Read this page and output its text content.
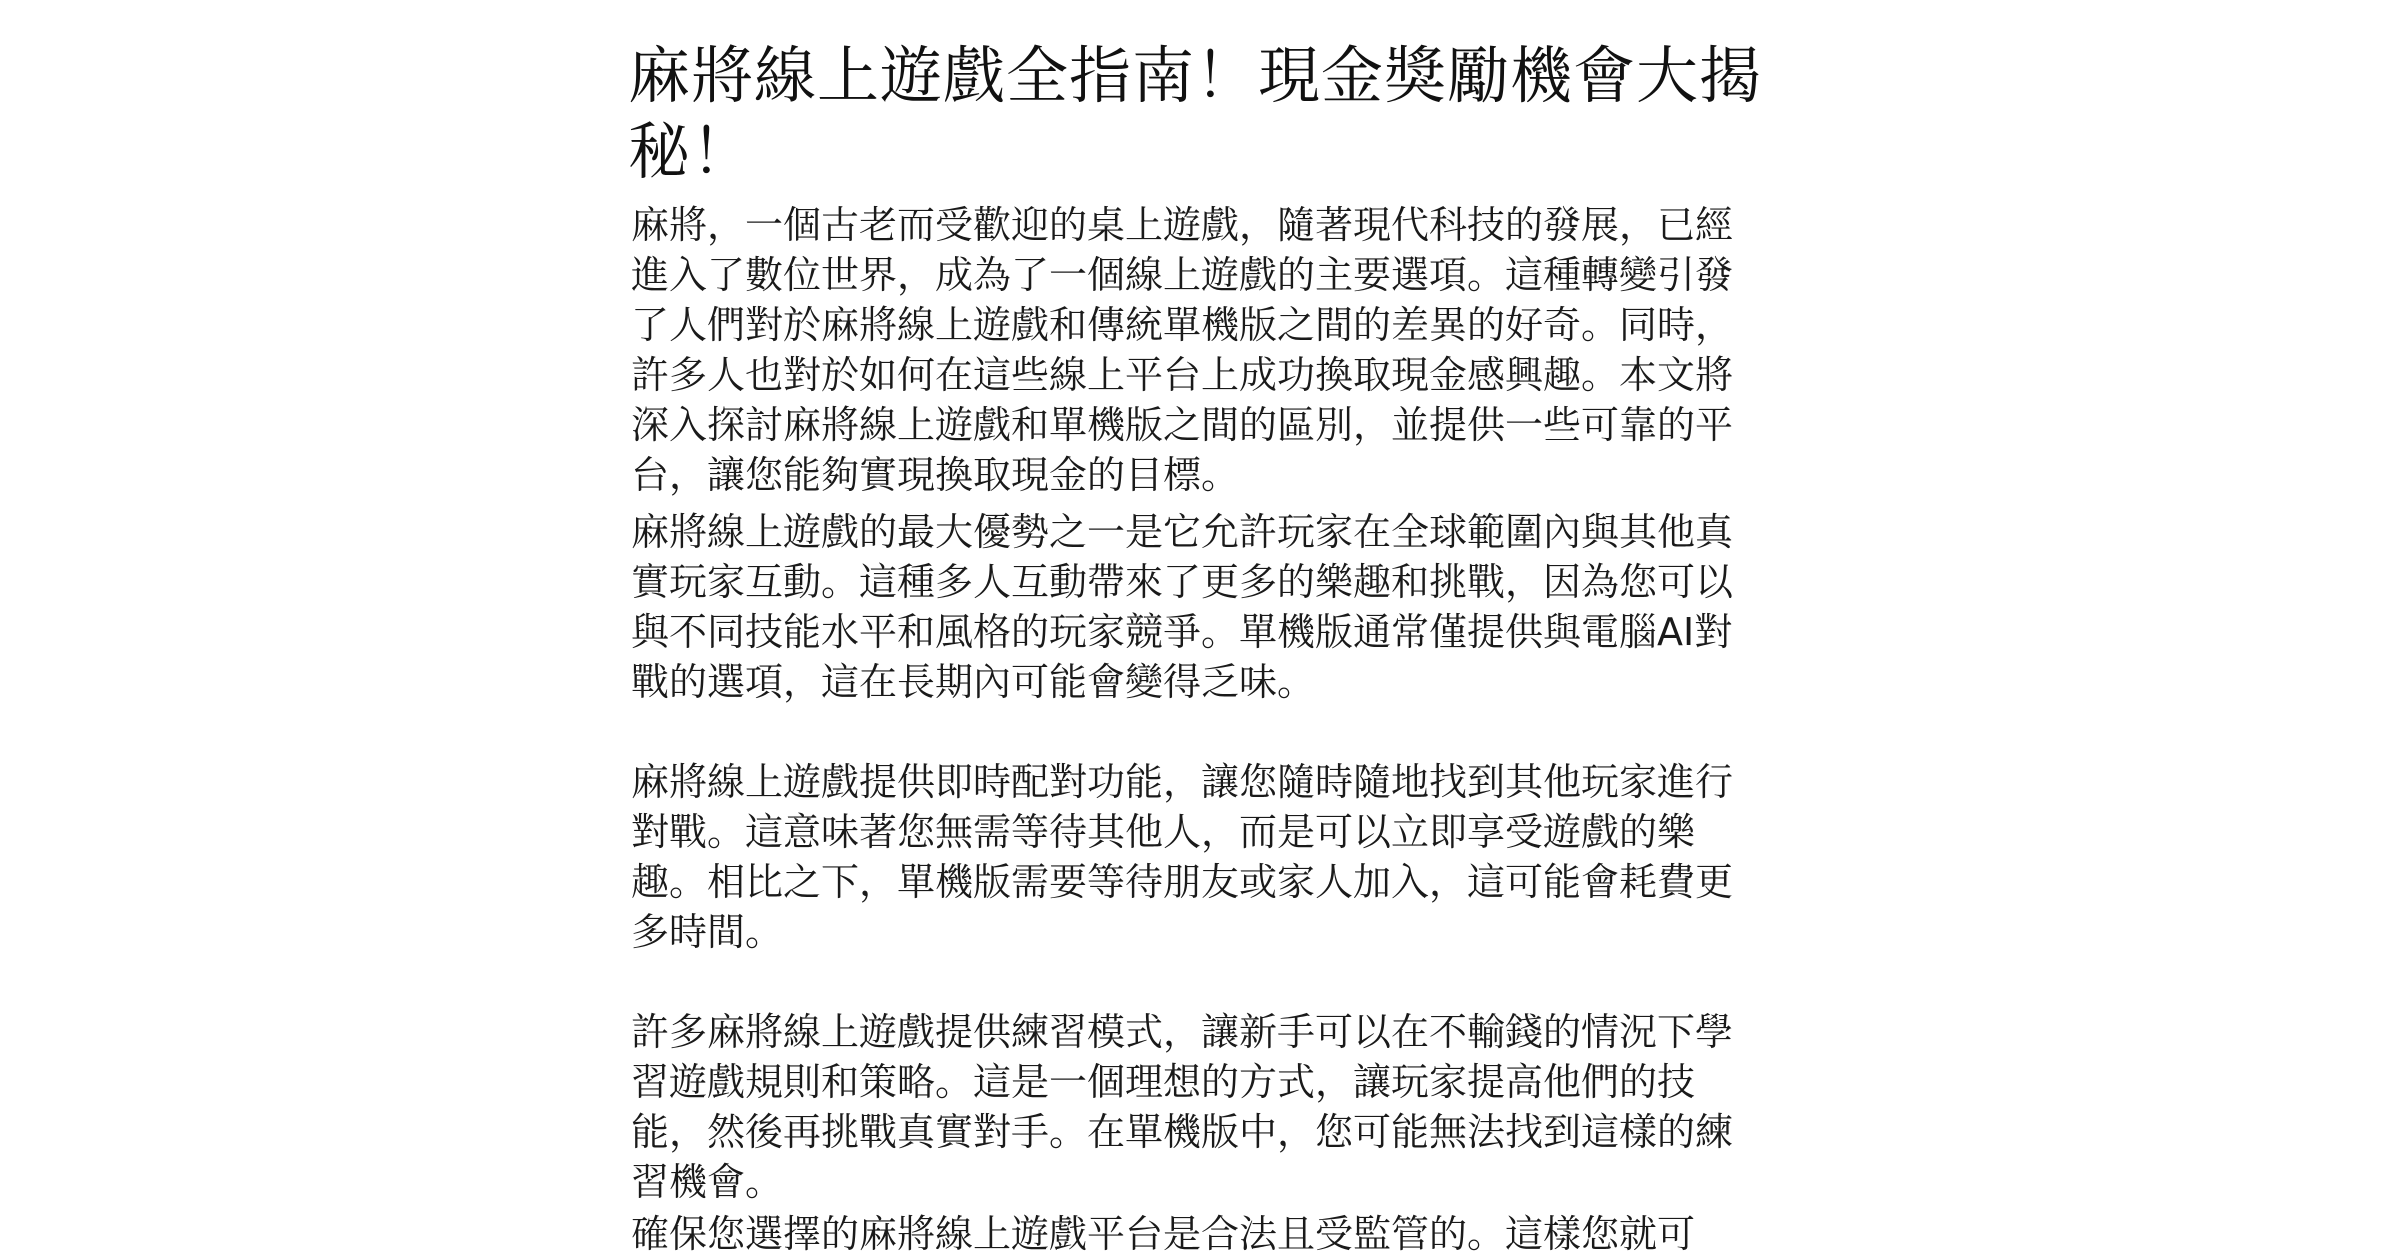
麻將線上遊戲全指南！現金獎勵機會大揭秘！

麻將，一個古老而受歡迎的桌上遊戲，隨著現代科技的發展，已經進入了數位世界，成為了一個線上遊戲的主要選項。這種轉變引發了人們對於麻將線上遊戲和傳統單機版之間的差異的好奇。同時，許多人也對於如何在這些線上平台上成功換取現金感興趣。本文將深入探討麻將線上遊戲和單機版之間的區別，並提供一些可靠的平台，讓您能夠實現換取現金的目標。

麻將線上遊戲的最大優勢之一是它允許玩家在全球範圍內與其他真實玩家互動。這種多人互動帶來了更多的樂趣和挑戰，因為您可以與不同技能水平和風格的玩家競爭。單機版通常僅提供與電腦AI對戰的選項，這在長期內可能會變得乏味。

麻將線上遊戲提供即時配對功能，讓您隨時隨地找到其他玩家進行對戰。這意味著您無需等待其他人，而是可以立即享受遊戲的樂趣。相比之下，單機版需要等待朋友或家人加入，這可能會耗費更多時間。

許多麻將線上遊戲提供練習模式，讓新手可以在不輸錢的情況下學習遊戲規則和策略。這是一個理想的方式，讓玩家提高他們的技能，然後再挑戰真實對手。在單機版中，您可能無法找到這樣的練習機會。

確保您選擇的麻將線上遊戲平台是合法且受監管的。這樣您就可
